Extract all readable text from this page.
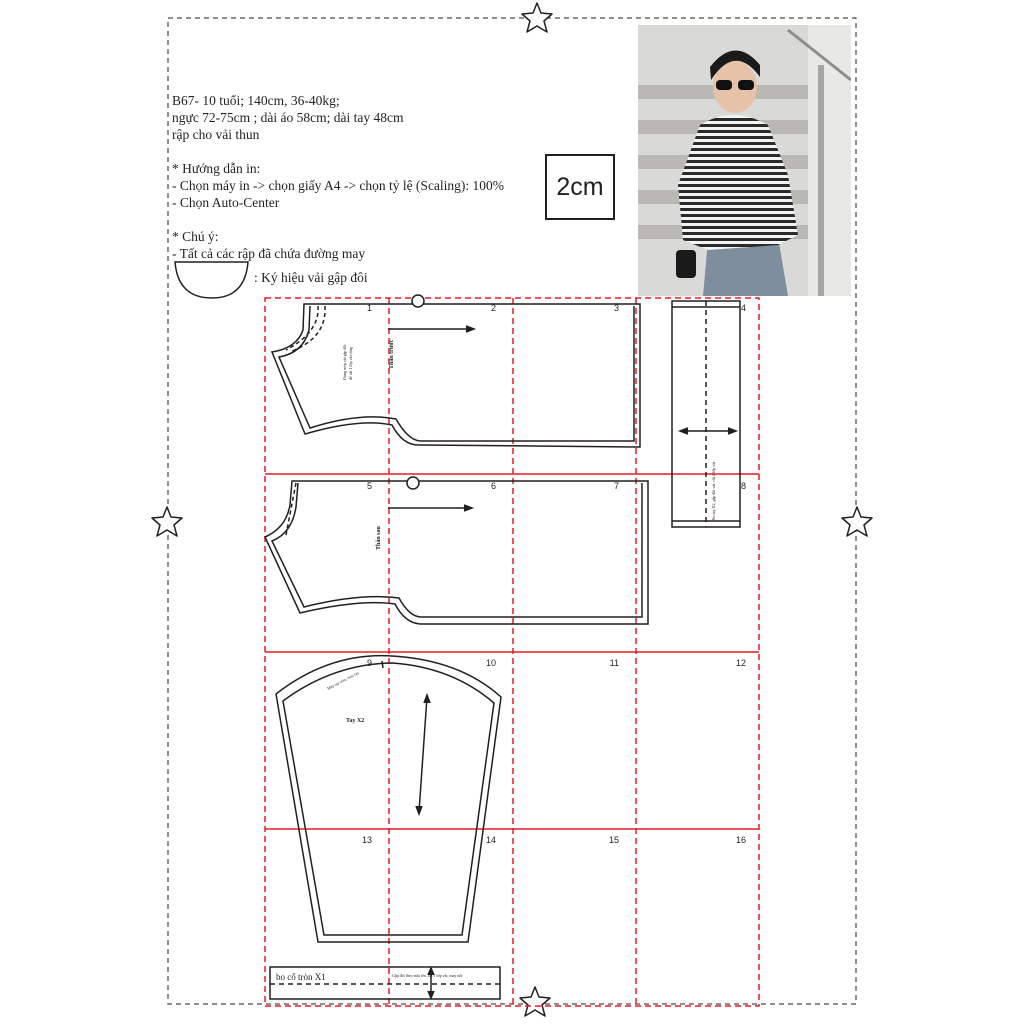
B67- 10 tuổi; 140cm, 36-40kg;

ngực 72-75cm ; dài áo 58cm; dài tay 48cm

rập cho vải thun

* Hướng dẫn in:

- Chọn máy in -> chọn giấy A4 -> chọn tỷ lệ (Scaling): 100%

- Chọn Auto-Center

* Chú ý:

- Tất cả các rập đã chứa đường may

2cm
: Ký hiệu vải gập đôi
1	2	3	4
5	6	7	8
9	10	11	12
13	14	15	16
Đúng mép vải gập đôi để cắt 1 lớp vải rộng	Thân trước
Thân sau
Bo tay X2, gập đôi vải, cắt 2 lớp vải
Mép tay tròn, may tay
Tay X2
bo cổ tròn X1	Gập đôi theo mũi tên, cắt 1 lớp vải, may nối
